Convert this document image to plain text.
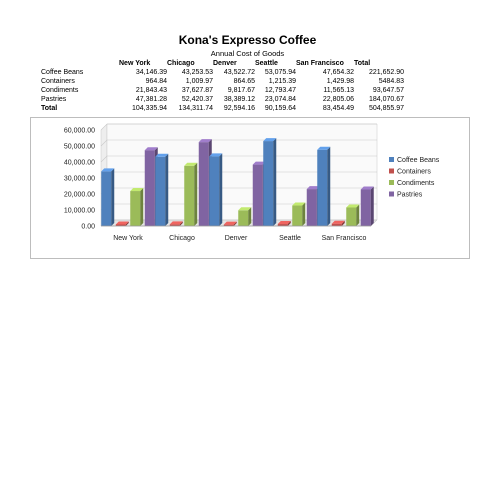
Kona's Expresso Coffee
Annual Cost of Goods
	New York	Chicago	Denver	Seattle	San Francisco	Total
Coffee Beans	34,146.39	43,253.53	43,522.72	53,075.94	47,654.32	221,652.90
Containers	964.84	1,009.97	864.65	1,215.39	1,429.98	5484.83
Condiments	21,843.43	37,627.87	9,817.67	12,793.47	11,565.13	93,647.57
Pastries	47,381.28	52,420.37	38,389.12	23,074.84	22,805.06	184,070.67
Total	104,335.94	134,311.74	92,594.16	90,159.64	83,454.49	504,855.97
0.00
10,000.00
20,000.00
30,000.00
40,000.00
50,000.00
60,000.00
New York	Chicago	Denver	Seattle	San Francisco
Coffee Beans
Containers
Condiments
Pastries
